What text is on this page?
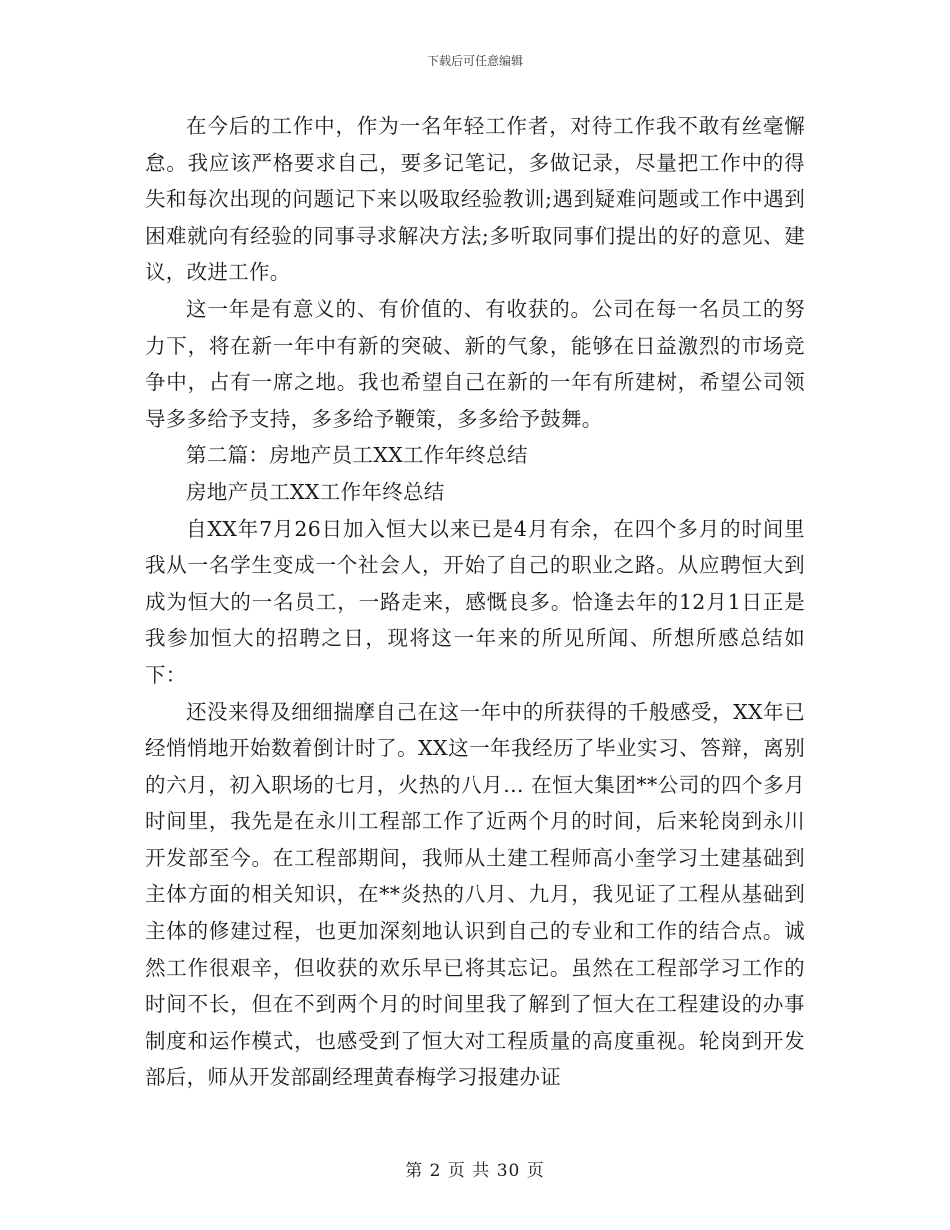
下载后可任意编辑

在今后的工作中，作为一名年轻工作者，对待工作我不敢有丝毫懈怠。我应该严格要求自己，要多记笔记，多做记录，尽量把工作中的得失和每次出现的问题记下来以吸取经验教训;遇到疑难问题或工作中遇到困难就向有经验的同事寻求解决方法;多听取同事们提出的好的意见、建议，改进工作。

这一年是有意义的、有价值的、有收获的。公司在每一名员工的努力下，将在新一年中有新的突破、新的气象，能够在日益激烈的市场竞争中，占有一席之地。我也希望自己在新的一年有所建树，希望公司领导多多给予支持，多多给予鞭策，多多给予鼓舞。

第二篇：房地产员工XX工作年终总结

房地产员工XX工作年终总结

自XX年7月26日加入恒大以来已是4月有余，在四个多月的时间里我从一名学生变成一个社会人，开始了自己的职业之路。从应聘恒大到成为恒大的一名员工，一路走来，感慨良多。恰逢去年的12月1日正是我参加恒大的招聘之日，现将这一年来的所见所闻、所想所感总结如下：

还没来得及细细揣摩自己在这一年中的所获得的千般感受，XX年已经悄悄地开始数着倒计时了。XX这一年我经历了毕业实习、答辩，离别的六月，初入职场的七月，火热的八月… 在恒大集团**公司的四个多月时间里，我先是在永川工程部工作了近两个月的时间，后来轮岗到永川开发部至今。在工程部期间，我师从土建工程师高小奎学习土建基础到主体方面的相关知识，在**炎热的八月、九月，我见证了工程从基础到主体的修建过程，也更加深刻地认识到自己的专业和工作的结合点。诚然工作很艰辛，但收获的欢乐早已将其忘记。虽然在工程部学习工作的时间不长，但在不到两个月的时间里我了解到了恒大在工程建设的办事制度和运作模式，也感受到了恒大对工程质量的高度重视。轮岗到开发部后，师从开发部副经理黄春梅学习报建办证

第 2 页 共 30 页
